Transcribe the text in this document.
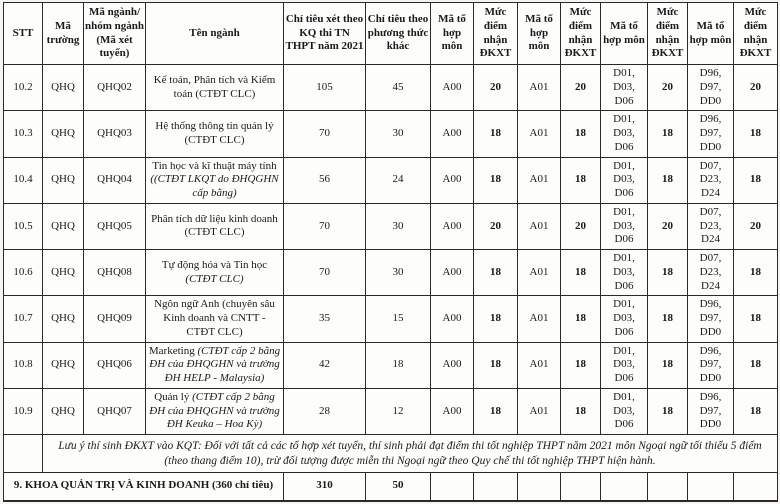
STT	Mã trường	Mã ngành/ nhóm ngành (Mã xét tuyển)	Tên ngành	Chỉ tiêu xét theo KQ thi TN THPT năm 2021	Chỉ tiêu theo phương thức khác	Mã tổ hợp môn	Mức điểm nhận ĐKXT	Mã tổ hợp môn	Mức điểm nhận ĐKXT	Mã tổ hợp môn	Mức điểm nhận ĐKXT	Mã tổ hợp môn	Mức điểm nhận ĐKXT
10.2	QHQ	QHQ02	Kế toán, Phân tích và Kiểm toán (CTĐT CLC)	105	45	A00	20	A01	20	D01, D03, D06	20	D96, D97, DD0	20
10.3	QHQ	QHQ03	Hệ thống thông tin quản lý (CTĐT CLC)	70	30	A00	18	A01	18	D01, D03, D06	18	D96, D97, DD0	18
10.4	QHQ	QHQ04	Tin học và kĩ thuật máy tính ((CTĐT LKQT do ĐHQGHN cấp bằng)	56	24	A00	18	A01	18	D01, D03, D06	18	D07, D23, D24	18
10.5	QHQ	QHQ05	Phân tích dữ liệu kinh doanh (CTĐT CLC)	70	30	A00	20	A01	20	D01, D03, D06	20	D07, D23, D24	20
10.6	QHQ	QHQ08	Tự động hóa và Tin học (CTĐT CLC)	70	30	A00	18	A01	18	D01, D03, D06	18	D07, D23, D24	18
10.7	QHQ	QHQ09	Ngôn ngữ Anh (chuyên sâu Kinh doanh và CNTT - CTĐT CLC)	35	15	A00	18	A01	18	D01, D03, D06	18	D96, D97, DD0	18
10.8	QHQ	QHQ06	Marketing (CTĐT cấp 2 bằng ĐH của ĐHQGHN và trường ĐH HELP - Malaysia)	42	18	A00	18	A01	18	D01, D03, D06	18	D96, D97, DD0	18
10.9	QHQ	QHQ07	Quản lý (CTĐT cấp 2 bằng ĐH của ĐHQGHN và trường ĐH Keuka – Hoa Kỳ)	28	12	A00	18	A01	18	D01, D03, D06	18	D96, D97, DD0	18
	Lưu ý thí sinh ĐKXT vào KQT: Đối với tất cả các tổ hợp xét tuyển, thí sinh phải đạt điểm thi tốt nghiệp THPT năm 2021 môn Ngoại ngữ tối thiểu 5 điểm (theo thang điểm 10), trừ đối tượng được miễn thi Ngoại ngữ theo Quy chế thi tốt nghiệp THPT hiện hành.												
9. KHOA QUẢN TRỊ VÀ KINH DOANH (360 chỉ tiêu)				310	50								
